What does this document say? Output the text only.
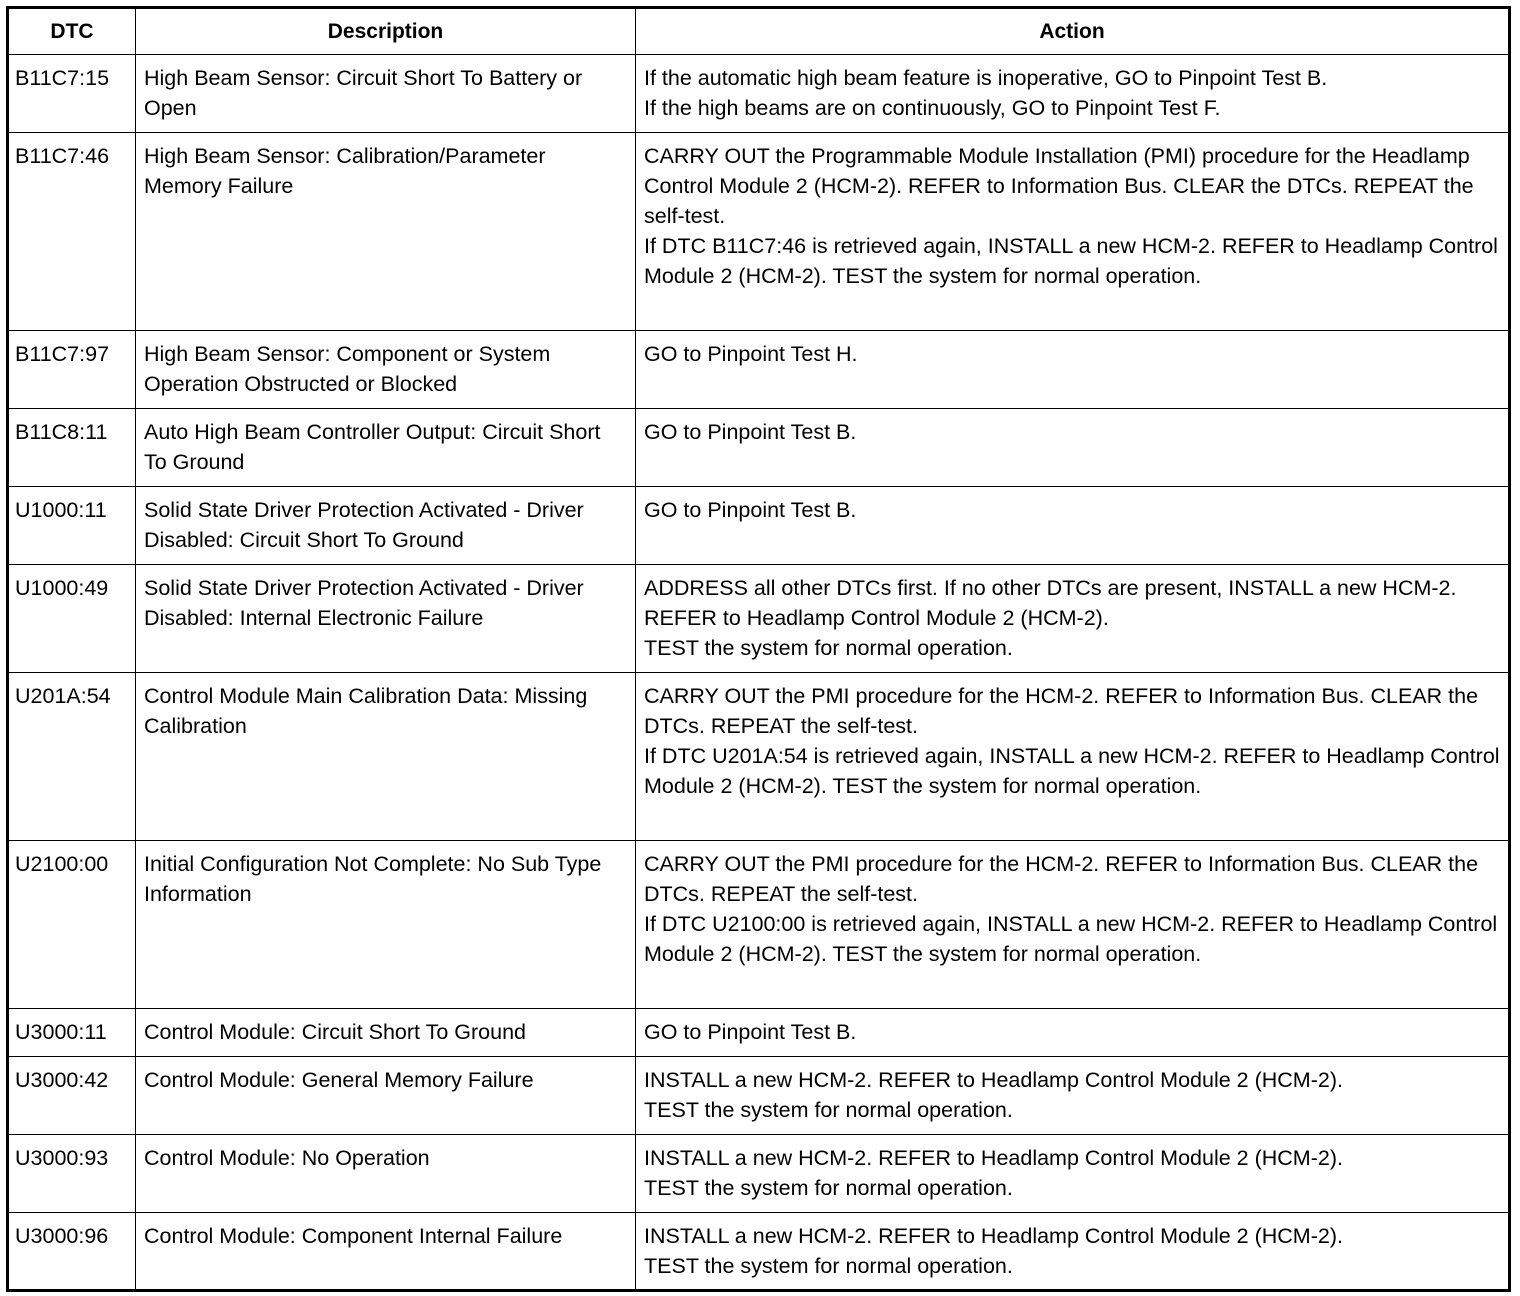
DTC	Description	Action
B11C7:15	High Beam Sensor: Circuit Short To Battery or Open	If the automatic high beam feature is inoperative, GO to Pinpoint Test B.
If the high beams are on continuously, GO to Pinpoint Test F.

B11C7:46	High Beam Sensor: Calibration/Parameter Memory Failure	CARRY OUT the Programmable Module Installation (PMI) procedure for the Headlamp Control Module 2 (HCM-2). REFER to Information Bus. CLEAR the DTCs. REPEAT the self-test.
If DTC B11C7:46 is retrieved again, INSTALL a new HCM-2. REFER to Headlamp Control Module 2 (HCM-2). TEST the system for normal operation.

B11C7:97	High Beam Sensor: Component or System Operation Obstructed or Blocked	GO to Pinpoint Test H.

B11C8:11	Auto High Beam Controller Output: Circuit Short To Ground	GO to Pinpoint Test B.

U1000:11	Solid State Driver Protection Activated - Driver Disabled: Circuit Short To Ground	GO to Pinpoint Test B.

U1000:49	Solid State Driver Protection Activated - Driver Disabled: Internal Electronic Failure	ADDRESS all other DTCs first. If no other DTCs are present, INSTALL a new HCM-2. REFER to Headlamp Control Module 2 (HCM-2).
TEST the system for normal operation.

U201A:54	Control Module Main Calibration Data: Missing Calibration	CARRY OUT the PMI procedure for the HCM-2. REFER to Information Bus. CLEAR the DTCs. REPEAT the self-test.
If DTC U201A:54 is retrieved again, INSTALL a new HCM-2. REFER to Headlamp Control Module 2 (HCM-2). TEST the system for normal operation.

U2100:00	Initial Configuration Not Complete: No Sub Type Information	CARRY OUT the PMI procedure for the HCM-2. REFER to Information Bus. CLEAR the DTCs. REPEAT the self-test.
If DTC U2100:00 is retrieved again, INSTALL a new HCM-2. REFER to Headlamp Control Module 2 (HCM-2). TEST the system for normal operation.

U3000:11	Control Module: Circuit Short To Ground	GO to Pinpoint Test B.

U3000:42	Control Module: General Memory Failure	INSTALL a new HCM-2. REFER to Headlamp Control Module 2 (HCM-2).
TEST the system for normal operation.

U3000:93	Control Module: No Operation	INSTALL a new HCM-2. REFER to Headlamp Control Module 2 (HCM-2).
TEST the system for normal operation.

U3000:96	Control Module: Component Internal Failure	INSTALL a new HCM-2. REFER to Headlamp Control Module 2 (HCM-2).
TEST the system for normal operation.
